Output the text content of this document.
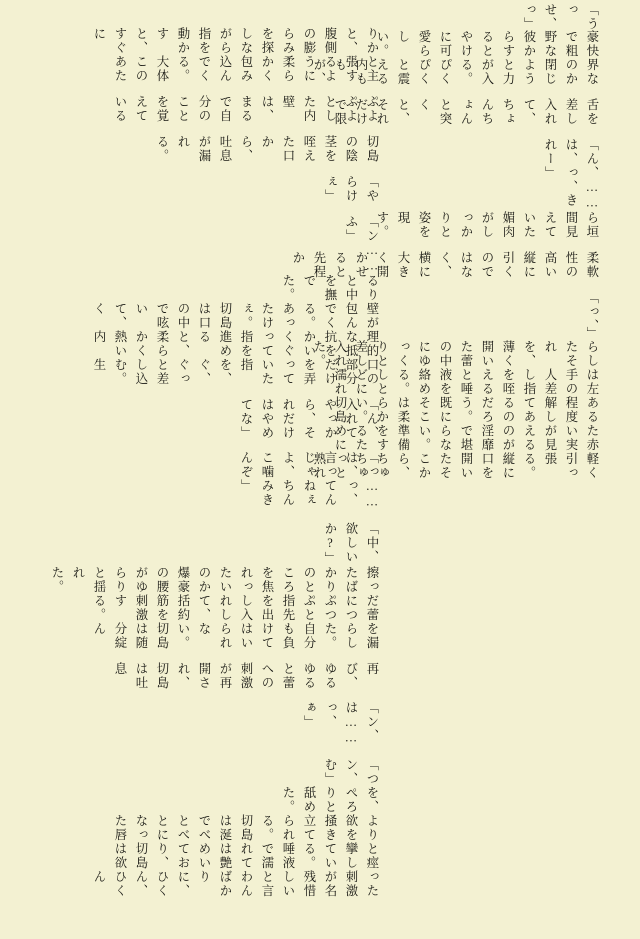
軽く引っ張る。縦に口を開いたそこから、ちゅちゅっと熟れ
た赤い実が見えるのが淫靡で堪らない。準備をするために
ある程度解してあるのだろう。既にそこは柔らかい。切島
は左手の人差し指を咥えると唾液を絡める。しとどに濡れ
らしたそれを、薄く開いた蕾の中にゆっくりと差し入れた。
「っ、」
柔軟性の高い縦に引くのではなく、横に大きく開かせると先程か
ら垣間見えていた媚肉がしっかりと姿を現す。
「ん、……は、っ、きれー」
舌を差し入れて、ちょんちょんと突くと、それだけで限
界なのか閉じようと力が入る。ぴくぴくと震える内ももが、
豪快で粗野な彼からするとやけに可愛らしい。
「うっせ、っ」
った刺激が名残惜しいと言わんばかりに、ひくん、ひくん
と痙攣している。唾液で濡れては艶めいており、切島は欲
より欲を掻き立てられる。切島は涎でべとべとになった唇
を、ぺろりと舐めた。
「つン、む」
「ン、は……っ、ぁ」
再び、ゆるゆると蕾への刺激が再開され、切島は吐息
を漏らした。自分も負けてはいられない。切島は随分綻ん
だ蕾につぷつぷと指先を出し入れして、括約筋を刺激する。
擦ったばかりのところを焦れったいのか爆豪の腰がゆらりと揺れた。
「中、欲しいか?」
「っ……は、っ、言ってんじゃねぇよ、ちんこ噛みきんぞ」
「ん、入れてやっから、それだけはやめてな」
口の部分だけを弄っていた指を、ぐ、ぐっと差し込む。生
理的な抵抗をかいくぐって指を進めると、柔らかく熱い内
壁が包んでくる。あったけぇ。切島は口の中で呟いて、く
るりと中を撫でた。
「ン……ふ」
「やらけぇ」
切島の陰茎を咥えた口から、吐息が漏れる。
ぷよぷよとした内壁は、まるで自分のことを覚えている
と主張するように柔らかく包み込んでくる。大体このあた
りかと、腹側の膨らみを探しながら指を動かすと、すぐに
